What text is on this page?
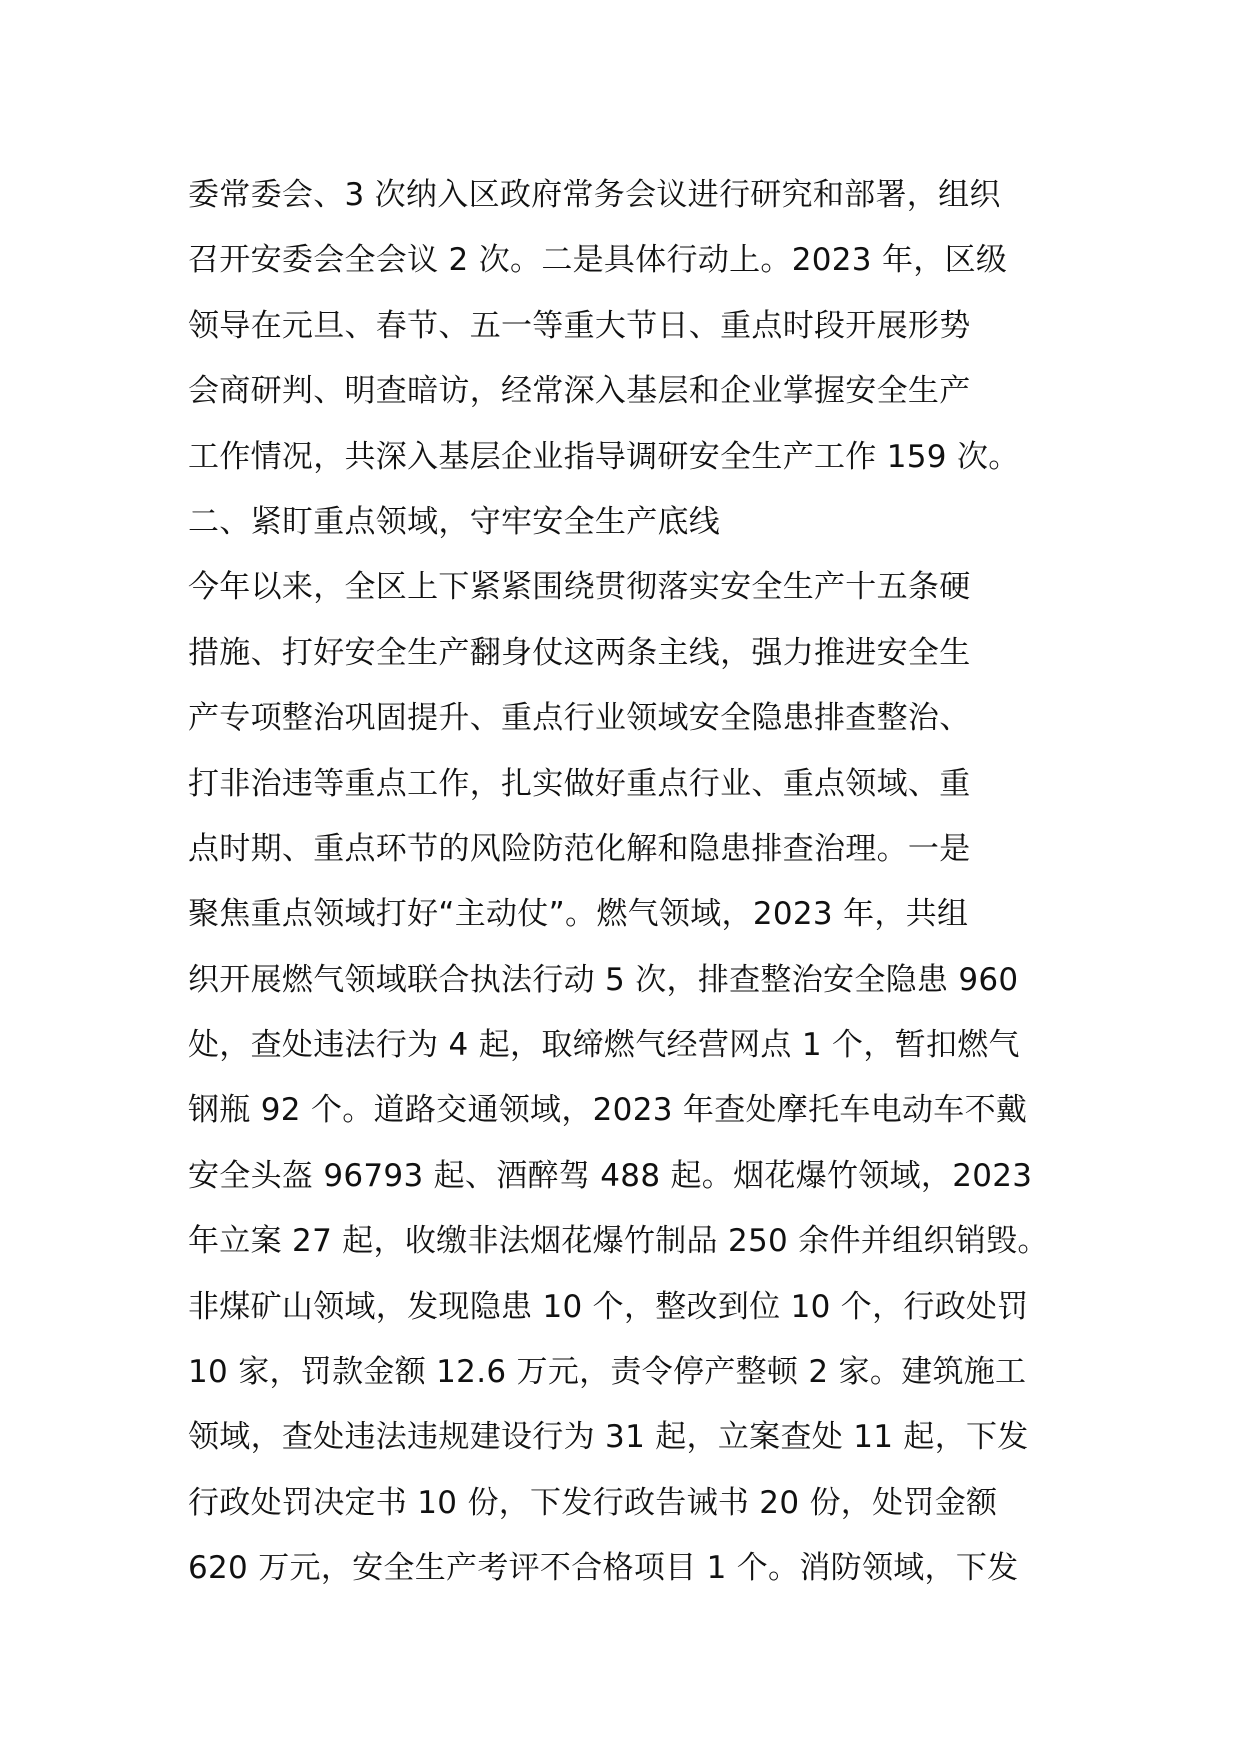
委常委会、3 次纳入区政府常务会议进行研究和部署，组织
召开安委会全会议 2 次。二是具体行动上。2023 年，区级
领导在元旦、春节、五一等重大节日、重点时段开展形势
会商研判、明查暗访，经常深入基层和企业掌握安全生产
工作情况，共深入基层企业指导调研安全生产工作 159 次。
二、紧盯重点领域，守牢安全生产底线
今年以来，全区上下紧紧围绕贯彻落实安全生产十五条硬
措施、打好安全生产翻身仗这两条主线，强力推进安全生
产专项整治巩固提升、重点行业领域安全隐患排查整治、
打非治违等重点工作，扎实做好重点行业、重点领域、重
点时期、重点环节的风险防范化解和隐患排查治理。一是
聚焦重点领域打好“主动仗”。燃气领域，2023 年，共组
织开展燃气领域联合执法行动 5 次，排查整治安全隐患 960
处，查处违法行为 4 起，取缔燃气经营网点 1 个，暂扣燃气
钢瓶 92 个。道路交通领域，2023 年查处摩托车电动车不戴
安全头盔 96793 起、酒醉驾 488 起。烟花爆竹领域，2023
年立案 27 起，收缴非法烟花爆竹制品 250 余件并组织销毁。
非煤矿山领域，发现隐患 10 个，整改到位 10 个，行政处罚
10 家，罚款金额 12.6 万元，责令停产整顿 2 家。建筑施工
领域，查处违法违规建设行为 31 起，立案查处 11 起，下发
行政处罚决定书 10 份，下发行政告诫书 20 份，处罚金额
620 万元，安全生产考评不合格项目 1 个。消防领域，下发
